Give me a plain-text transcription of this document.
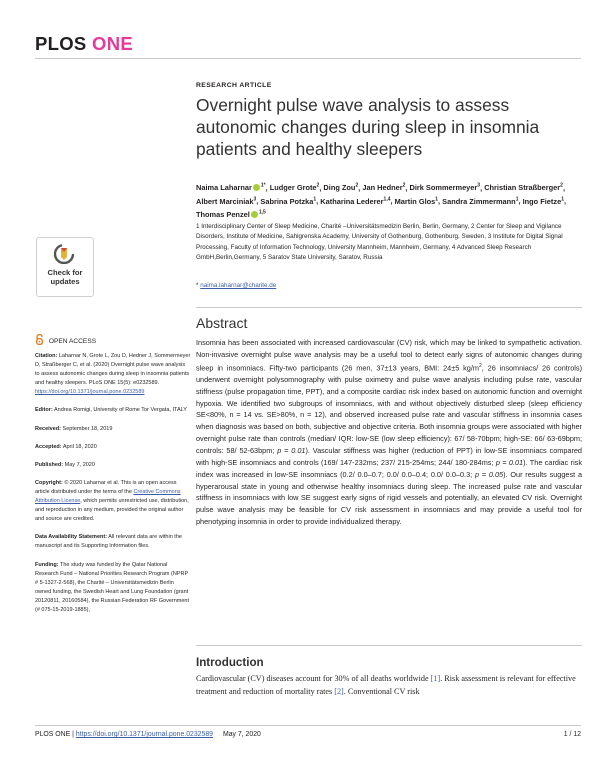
PLOS ONE
RESEARCH ARTICLE
Overnight pulse wave analysis to assess autonomic changes during sleep in insomnia patients and healthy sleepers
Naima Laharnar $^{1*}$, Ludger Grote$^2$, Ding Zou$^2$, Jan Hedner$^2$, Dirk Sommermeyer$^3$, Christian Straßberger$^2$, Albert Marciniak$^3$, Sabrina Potzka$^1$, Katharina Lederer$^{1,4}$, Martin Glos$^1$, Sandra Zimmermann$^1$, Ingo Fietze$^1$, Thomas Penzel $^{1,5}$
1 Interdisciplinary Center of Sleep Medicine, Charité –Universitätsmedizin Berlin, Berlin, Germany, 2 Center for Sleep and Vigilance Disorders, Institute of Medicine, Sahlgrenska Academy, University of Gothenburg, Gothenburg, Sweden, 3 Institute for Digital Signal Processing, Faculty of Information Technology, University Mannheim, Mannheim, Germany, 4 Advanced Sleep Research GmbH,Berlin,Germany, 5 Saratov State University, Saratov, Russia
* naima.laharnar@charite.de
Check for updates
OPEN ACCESS

Citation: Laharnar N, Grote L, Zou D, Hedner J, Sommermeyer D, Straßberger C, et al. (2020) Overnight pulse wave analysis to assess autonomic changes during sleep in insomnia patients and healthy sleepers. PLoS ONE 15(5): e0232589. https://doi.org/10.1371/journal.pone.0232589

Editor: Andrea Romigi, University of Rome Tor Vergata, ITALY

Received: September 18, 2019

Accepted: April 18, 2020

Published: May 7, 2020

Copyright: © 2020 Laharnar et al. This is an open access article distributed under the terms of the Creative Commons Attribution License, which permits unrestricted use, distribution, and reproduction in any medium, provided the original author and source are credited.

Data Availability Statement: All relevant data are within the manuscript and its Supporting Information files.

Funding: The study was funded by the Qatar National Research Fund – National Priorities Research Program (NPRP # 5-1327-2-568), the Charité – Universitätsmedizin Berlin owned funding, the Swedish Heart and Lung Foundation (grant 20120811, 20160584), the Russian Federation RF Government (# 075-15-2019-1885),

Abstract
Insomnia has been associated with increased cardiovascular (CV) risk, which may be linked to sympathetic activation. Non-invasive overnight pulse wave analysis may be a useful tool to detect early signs of autonomic changes during sleep in insomniacs. Fifty-two participants (26 men, 37±13 years, BMI: 24±5 $kg/m^2$, 26 insomniacs/ 26 controls) underwent overnight polysomnography with pulse oximetry and pulse wave analysis including pulse rate, vascular stiffness (pulse propagation time, PPT), and a composite cardiac risk index based on autonomic function and overnight hypoxia. We identified two subgroups of insomniacs, with and without objectively disturbed sleep (sleep efficiency SE<80%, n = 14 vs. SE>80%, n = 12), and observed increased pulse rate and vascular stiffness in insomnia cases when diagnosis was based on both, subjective and objective criteria. Both insomnia groups were associated with higher overnight pulse rate than controls (median/ IQR: low-SE (low sleep efficiency): 67/ 58-70bpm; high-SE: 66/ 63-69bpm; controls: 58/ 52-63bpm; p = 0.01). Vascular stiffness was higher (reduction of PPT) in low-SE insomniacs compared with high-SE insomniacs and controls (169/ 147-232ms; 237/ 215-254ms; 244/ 180-284ms; p = 0.01). The cardiac risk index was increased in low-SE insomniacs (0.2/ 0.0–0.7; 0.0/ 0.0–0.4; 0.0/ 0.0–0.3; p = 0.05). Our results suggest a hyperarousal state in young and otherwise healthy insomniacs during sleep. The increased pulse rate and vascular stiffness in insomniacs with low SE suggest early signs of rigid vessels and potentially, an elevated CV risk. Overnight pulse wave analysis may be feasible for CV risk assessment in insomniacs and may provide a useful tool for phenotyping insomnia in order to provide individualized therapy.
Introduction
Cardiovascular (CV) diseases account for 30% of all deaths worldwide [1]. Risk assessment is relevant for effective treatment and reduction of mortality rates [2]. Conventional CV risk
PLOS ONE | https://doi.org/10.1371/journal.pone.0232589 May 7, 2020	1 / 12
